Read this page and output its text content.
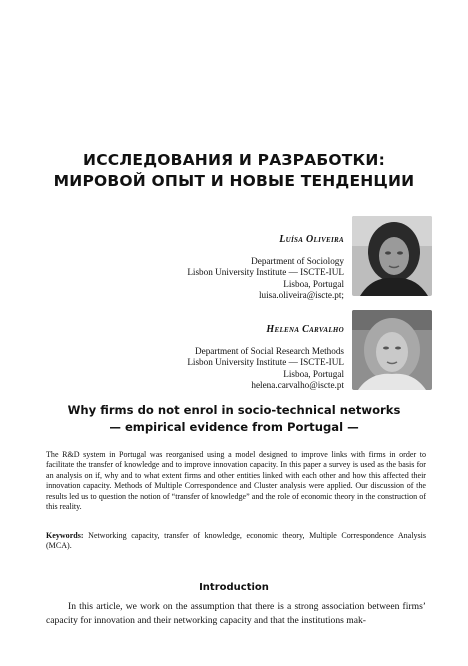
ИССЛЕДОВАНИЯ И РАЗРАБОТКИ:
МИРОВОЙ ОПЫТ И НОВЫЕ ТЕНДЕНЦИИ
Luísa Oliveira
Department of Sociology
Lisbon University Institute — ISCTE-IUL
Lisboa, Portugal
luisa.oliveira@iscte.pt;
Helena Carvalho
Department of Social Research Methods
Lisbon University Institute — ISCTE-IUL
Lisboa, Portugal
helena.carvalho@iscte.pt
Why firms do not enrol in socio-technical networks
— empirical evidence from Portugal —

The R&D system in Portugal was reorganised using a model designed to improve links with firms in order to facilitate the transfer of knowledge and to improve innovation capacity. In this paper a survey is used as the basis for an analysis on if, why and to what extent firms and other entities linked with each other and how this affected their innovation capacity. Methods of Multiple Correspondence and Cluster analysis were applied. Our discussion of the results led us to question the notion of “transfer of knowledge” and the role of economic theory in the construction of this reality.

Keywords: Networking capacity, transfer of knowledge, economic theory, Multiple Correspondence Analysis (MCA).

Introduction

In this article, we work on the assumption that there is a strong association between firms’ capacity for innovation and their networking capacity and that the institutions mak-
